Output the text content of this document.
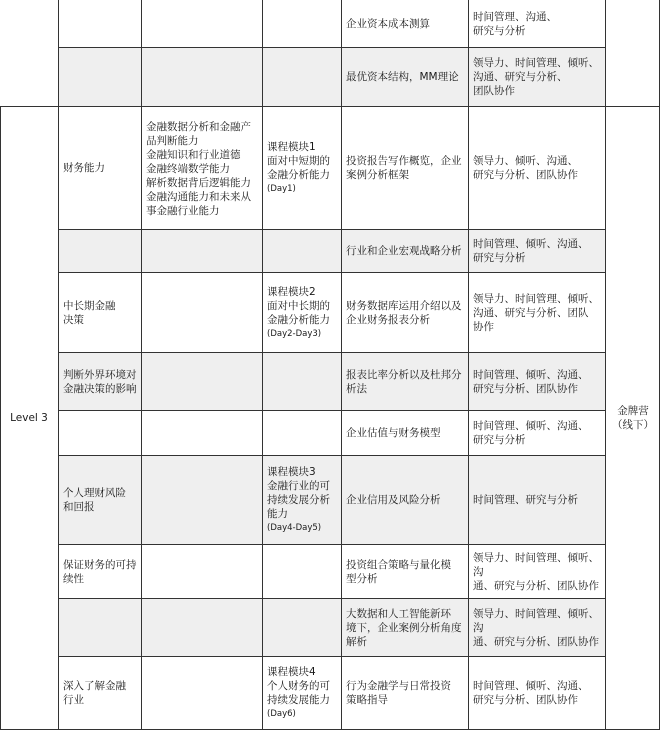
Level 3
金牌营
（线下）
财务能力
中长期金融
决策
判断外界环境对
金融决策的影响
个人理财风险
和回报
保证财务的可持
续性
深入了解金融
行业
金融数据分析和金融产
品判断能力
金融知识和行业道德
金融终端数学能力
解析数据背后逻辑能力
金融沟通能力和未来从
事金融行业能力
课程模块1
面对中短期的
金融分析能力
(Day1)
课程模块2
面对中长期的
金融分析能力
(Day2-Day3)
课程模块3
金融行业的可
持续发展分析
能力
(Day4-Day5)
课程模块4
个人财务的可
持续发展能力
(Day6)
企业资本成本测算
最优资本结构，MM理论
投资报告写作概览，企业
案例分析框架
行业和企业宏观战略分析
财务数据库运用介绍以及
企业财务报表分析
报表比率分析以及杜邦分
析法
企业估值与财务模型
企业信用及风险分析
投资组合策略与量化模
型分析
大数据和人工智能新环
境下，企业案例分析角度
解析
行为金融学与日常投资
策略指导
时间管理、沟通、
研究与分析
领导力、时间管理、倾听、
沟通、研究与分析、
团队协作
领导力、倾听、沟通、
研究与分析、团队协作
时间管理、倾听、沟通、
研究与分析
领导力、时间管理、倾听、
沟通、研究与分析、团队
协作
时间管理、倾听、沟通、
研究与分析、团队协作
时间管理、倾听、沟通、
研究与分析
时间管理、研究与分析
领导力、时间管理、倾听、沟
通、研究与分析、团队协作
领导力、时间管理、倾听、沟
通、研究与分析、团队协作
时间管理、倾听、沟通、
研究与分析、团队协作
